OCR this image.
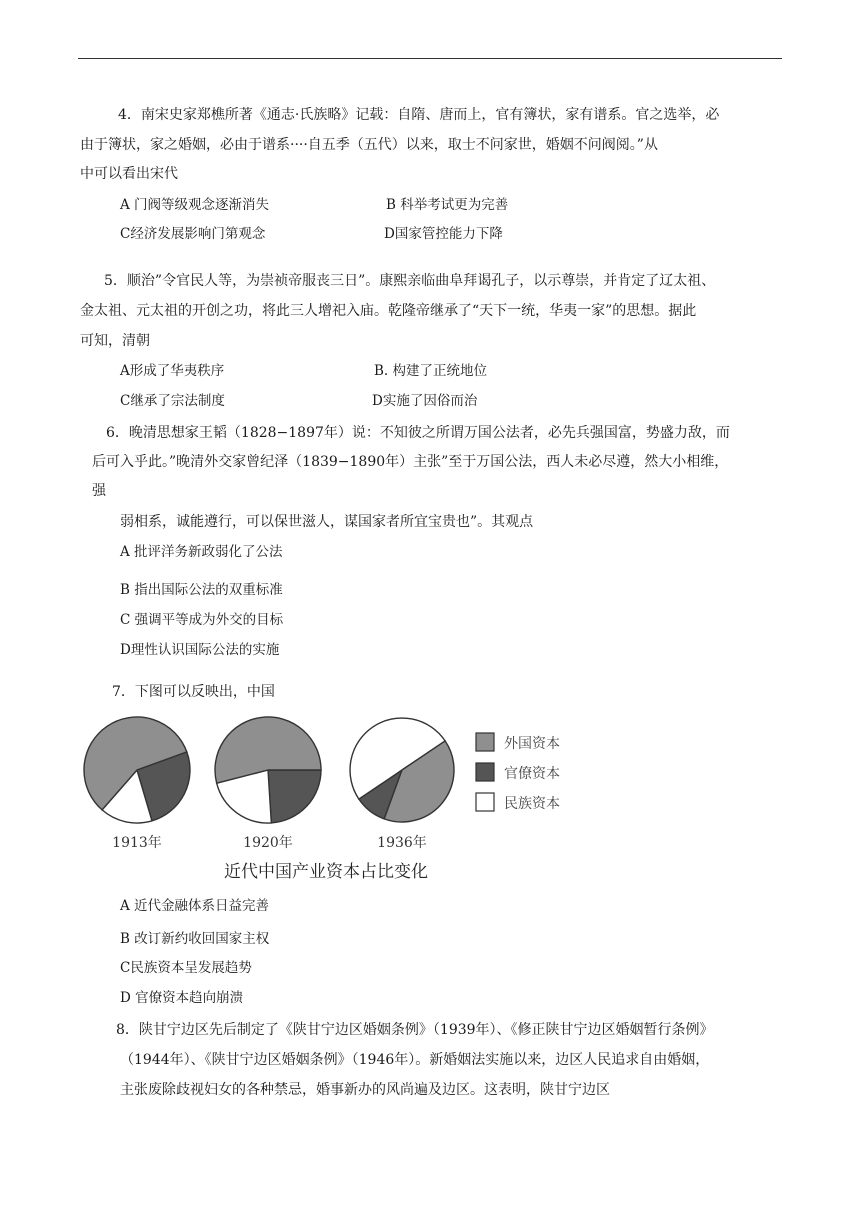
4．南宋史家郑樵所著《通志·氏族略》记载：自隋、唐而上，官有簿状，家有谱系。官之选举，必
由于簿状，家之婚姻，必由于谱系····自五季（五代）以来，取士不问家世，婚姻不问阀阅。”从
中可以看出宋代
A 门阀等级观念逐渐消失	B 科举考试更为完善
C经济发展影响门第观念	D国家管控能力下降
5．顺治”令官民人等，为崇祯帝服丧三日”。康熙亲临曲阜拜谒孔子，以示尊崇，并肯定了辽太祖、
金太祖、元太祖的开创之功，将此三人增祀入庙。乾隆帝继承了“天下一统，华夷一家”的思想。据此
可知，清朝
A形成了华夷秩序	B. 构建了正统地位
C继承了宗法制度	D实施了因俗而治
6．晚清思想家王韬（1828−1897年）说：不知彼之所谓万国公法者，必先兵强国富，势盛力敌，而
后可入乎此。”晚清外交家曾纪泽（1839−1890年）主张”至于万国公法，西人未必尽遵，然大小相维，
强
弱相系，诚能遵行，可以保世滋人，谋国家者所宜宝贵也”。其观点
A 批评洋务新政弱化了公法
B 指出国际公法的双重标准
C 强调平等成为外交的目标
D理性认识国际公法的实施
7．下图可以反映出，中国
外国资本
官僚资本
民族资本
1913年	1920年	1936年
近代中国产业资本占比变化
A 近代金融体系日益完善
B 改订新约收回国家主权
C民族资本呈发展趋势
D 官僚资本趋向崩溃
8．陕甘宁边区先后制定了《陕甘宁边区婚姻条例》（1939年）、《修正陕甘宁边区婚姻暂行条例》
（1944年）、《陕甘宁边区婚姻条例》（1946年）。新婚姻法实施以来，边区人民追求自由婚姻，
主张废除歧视妇女的各种禁忌，婚事新办的风尚遍及边区。这表明，陕甘宁边区
